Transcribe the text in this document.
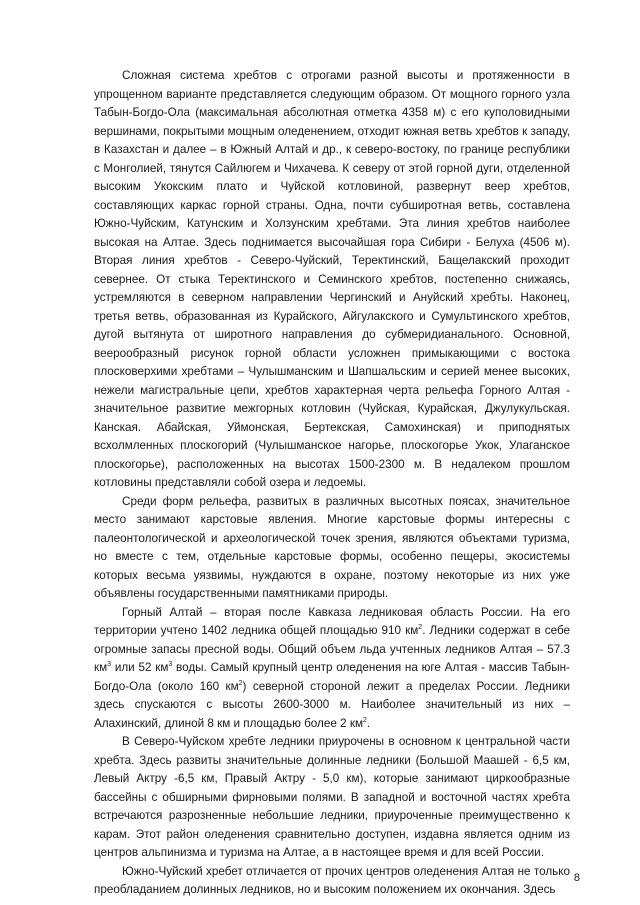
Сложная система хребтов с отрогами разной высоты и протяженности в упрощенном варианте представляется следующим образом. От мощного горного узла Табын-Богдо-Ола (максимальная абсолютная отметка 4358 м) с его куполовидными вершинами, покрытыми мощным оледенением, отходит южная ветвь хребтов к западу, в Казахстан и далее – в Южный Алтай и др., к северо-востоку, по границе республики с Монголией, тянутся Сайлюгем и Чихачева. К северу от этой горной дуги, отделенной высоким Укокским плато и Чуйской котловиной, развернут веер хребтов, составляющих каркас горной страны. Одна, почти субширотная ветвь, составлена Южно-Чуйским, Катунским и Холзунским хребтами. Эта линия хребтов наиболее высокая на Алтае. Здесь поднимается высочайшая гора Сибири - Белуха (4506 м). Вторая линия хребтов - Северо-Чуйский, Теректинский, Бащелакский проходит севернее. От стыка Теректинского и Семинского хребтов, постепенно снижаясь, устремляются в северном направлении Чергинский и Ануйский хребты. Наконец, третья ветвь, образованная из Курайского, Айгулакского и Сумультинского хребтов, дугой вытянута от широтного направления до субмеридианального. Основной, веерообразный рисунок горной области усложнен примыкающими с востока плосковерхими хребтами – Чулышманским и Шапшальским и серией менее высоких, нежели магистральные цепи, хребтов характерная черта рельефа Горного Алтая - значительное развитие межгорных котловин (Чуйская, Курайская, Джулукульская. Канская. Абайская, Уймонская, Бертекская, Самохинская) и приподнятых всхолмленных плоскогорий (Чулышманское нагорье, плоскогорье Укок, Улаганское плоскогорье), расположенных на высотах 1500-2300 м. В недалеком прошлом котловины представляли собой озера и ледоемы.

Среди форм рельефа, развитых в различных высотных поясах, значительное место занимают карстовые явления. Многие карстовые формы интересны с палеонтологической и археологической точек зрения, являются объектами туризма, но вместе с тем, отдельные карстовые формы, особенно пещеры, экосистемы которых весьма уязвимы, нуждаются в охране, поэтому некоторые из них уже объявлены государственными памятниками природы.

Горный Алтай – вторая после Кавказа ледниковая область России. На его территории учтено 1402 ледника общей площадью 910 $км^2$. Ледники содержат в себе огромные запасы пресной воды. Общий объем льда учтенных ледников Алтая – 57.3 $км^3$ или 52 $км^3$ воды. Самый крупный центр оледенения на юге Алтая - массив Табын-Богдо-Ола (около 160 $км^2$) северной стороной лежит а пределах России. Ледники здесь спускаются с высоты 2600-3000 м. Наиболее значительный из них – Алахинский, длиной 8 км и площадью более 2 $км^2$.

В Северо-Чуйском хребте ледники приурочены в основном к центральной части хребта. Здесь развиты значительные долинные ледники (Большой Маашей - 6,5 км, Левый Актру -6,5 км, Правый Актру - 5,0 км), которые занимают циркообразные бассейны с обширными фирновыми полями. В западной и восточной частях хребта встречаются разрозненные небольшие ледники, приуроченные преимущественно к карам. Этот район оледенения сравнительно доступен, издавна является одним из центров альпинизма и туризма на Алтае, а в настоящее время и для всей России.

Южно-Чуйский хребет отличается от прочих центров оледенения Алтая не только преобладанием долинных ледников, но и высоким положением их окончания. Здесь

8
